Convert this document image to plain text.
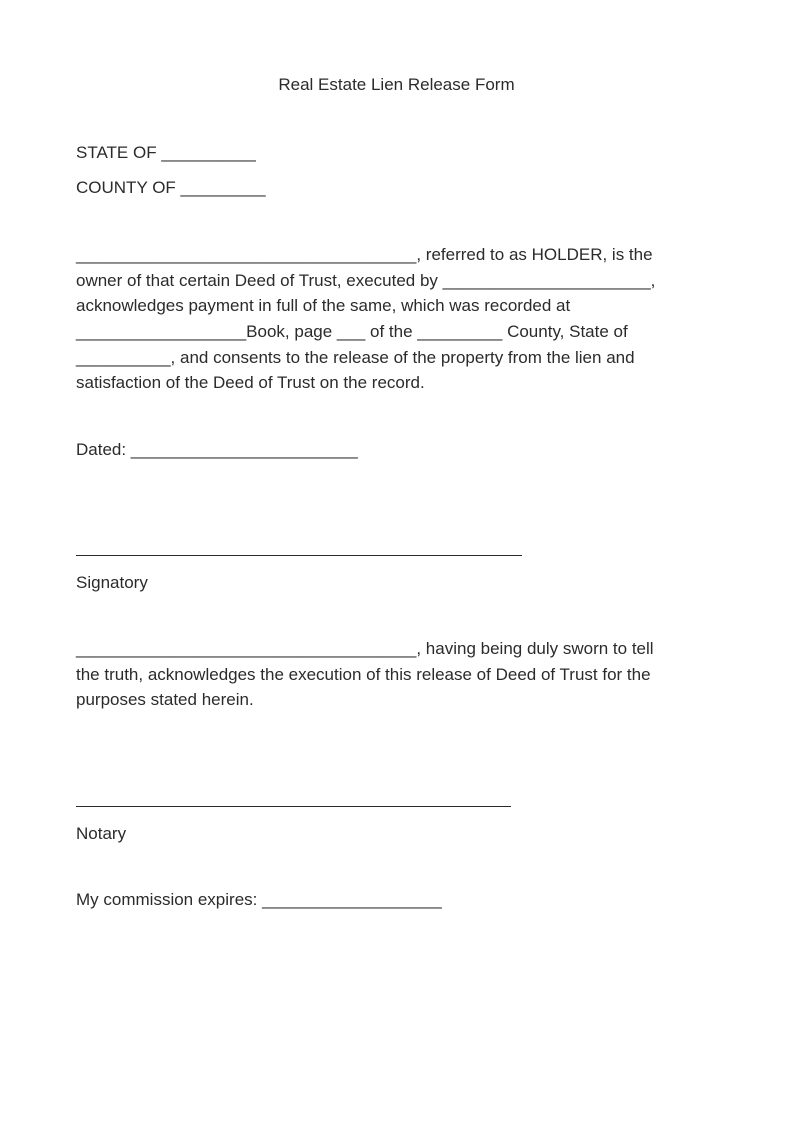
Real Estate Lien Release Form
STATE OF __________
COUNTY OF _________
____________________________________, referred to as HOLDER, is the
owner of that certain Deed of Trust, executed by ______________________,
acknowledges payment in full of the same, which was recorded at
__________________Book, page ___ of the _________ County, State of
__________, and consents to the release of the property from the lien and
satisfaction of the Deed of Trust on the record.
Dated: ________________________
Signatory
____________________________________, having being duly sworn to tell
the truth, acknowledges the execution of this release of Deed of Trust for the
purposes stated herein.
Notary
My commission expires: ___________________
